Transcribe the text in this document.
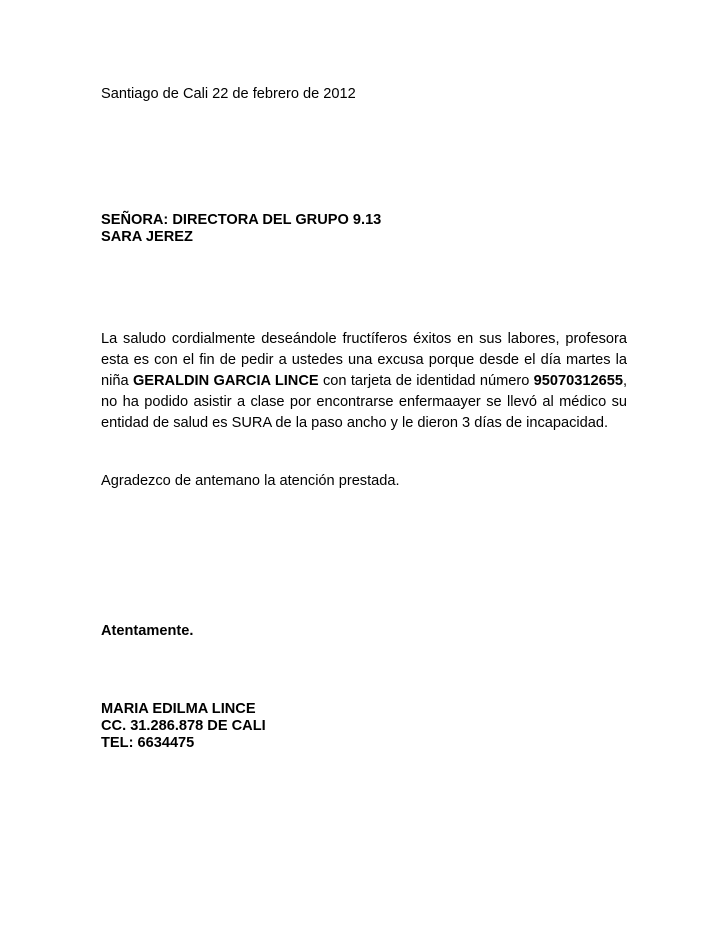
Santiago de Cali 22 de febrero de 2012
SEÑORA: DIRECTORA DEL GRUPO 9.13
SARA JEREZ
La saludo cordialmente deseándole fructíferos éxitos en sus labores, profesora
esta es con el fin de pedir a ustedes una excusa porque desde el día martes la
niña GERALDIN GARCIA LINCE con tarjeta de identidad número 95070312655,
no ha podido asistir a clase por encontrarse enfermaayer se llevó al médico su
entidad de salud es SURA de la paso ancho y le dieron 3 días de incapacidad.
Agradezco de antemano la atención prestada.
Atentamente.
MARIA EDILMA LINCE
CC. 31.286.878 DE CALI
TEL: 6634475
